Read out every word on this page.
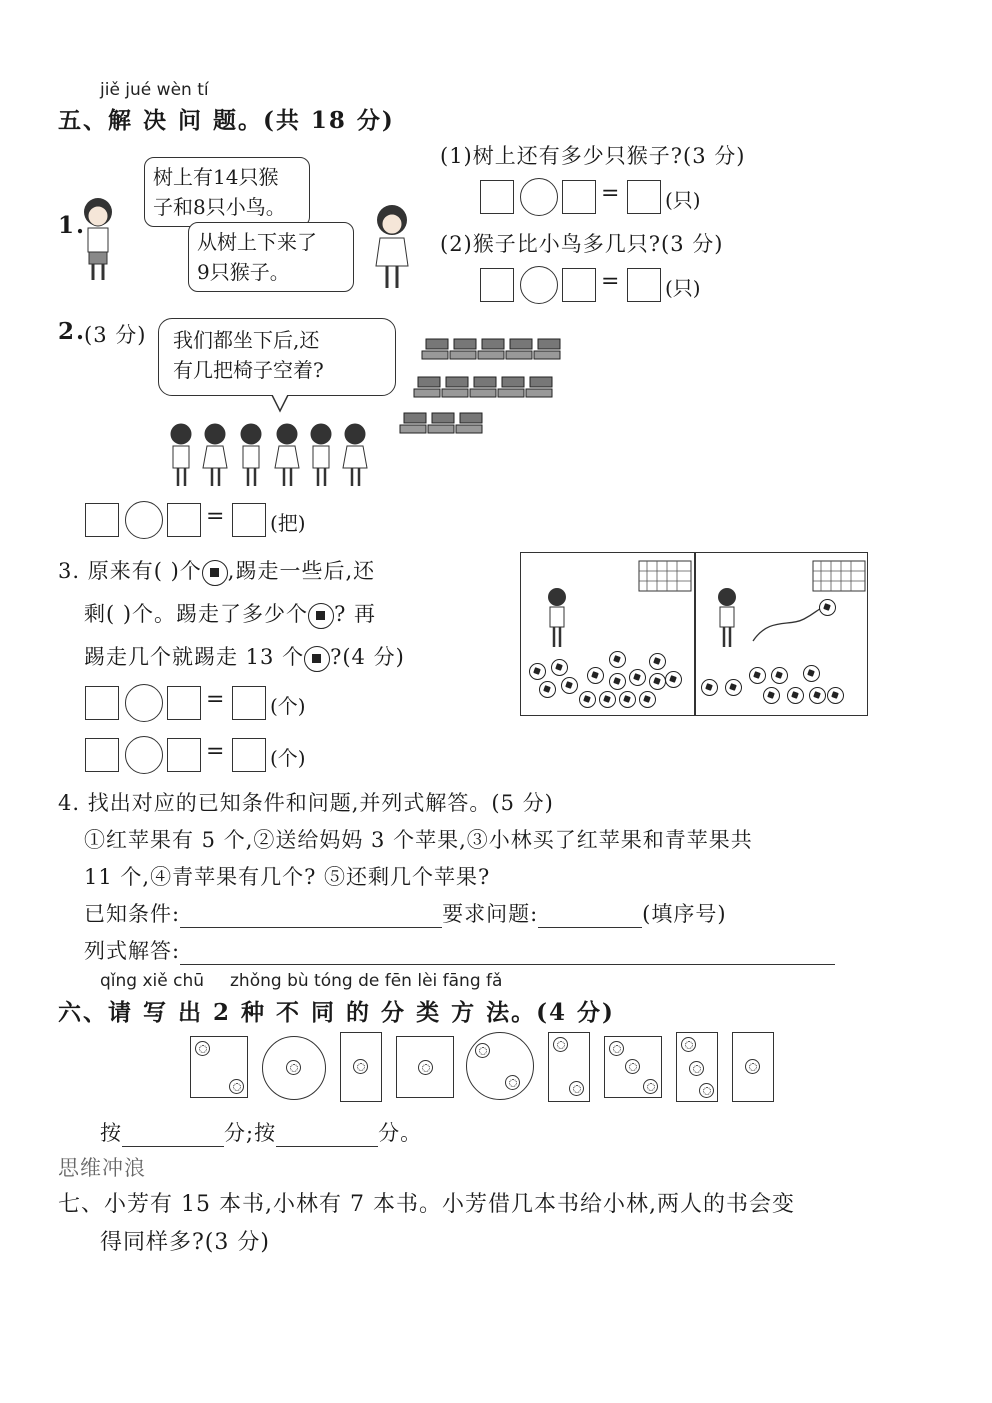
jiě jué wèn tí
五、解 决 问 题。(共 18 分)
1.
树上有14只猴
子和8只小鸟。
从树上下来了
9只猴子。
(1)树上还有多少只猴子?(3 分)
= (只)
(2)猴子比小鸟多几只?(3 分)
= (只)
2.
(3 分) 我们都坐下后,还
有几把椅子空着?
= (把)
3. 原来有( )个 ,踢走一些后,还
剩( )个。踢走了多少个 ? 再
踢走几个就踢走 13 个 ?(4 分)
= (个)
= (个)
4. 找出对应的已知条件和问题,并列式解答。(5 分)
①红苹果有 5 个,②送给妈妈 3 个苹果,③小林买了红苹果和青苹果共
11 个,④青苹果有几个? ⑤还剩几个苹果?
已知条件:	要求问题:	(填序号)
列式解答:
qǐng xiě chū zhǒng bù tóng de fēn lèi fāng fǎ
六、请 写 出 2 种 不 同 的 分 类 方 法。(4 分)
按	分;按	分。
思维冲浪
七、小芳有 15 本书,小林有 7 本书。小芳借几本书给小林,两人的书会变
得同样多?(3 分)
